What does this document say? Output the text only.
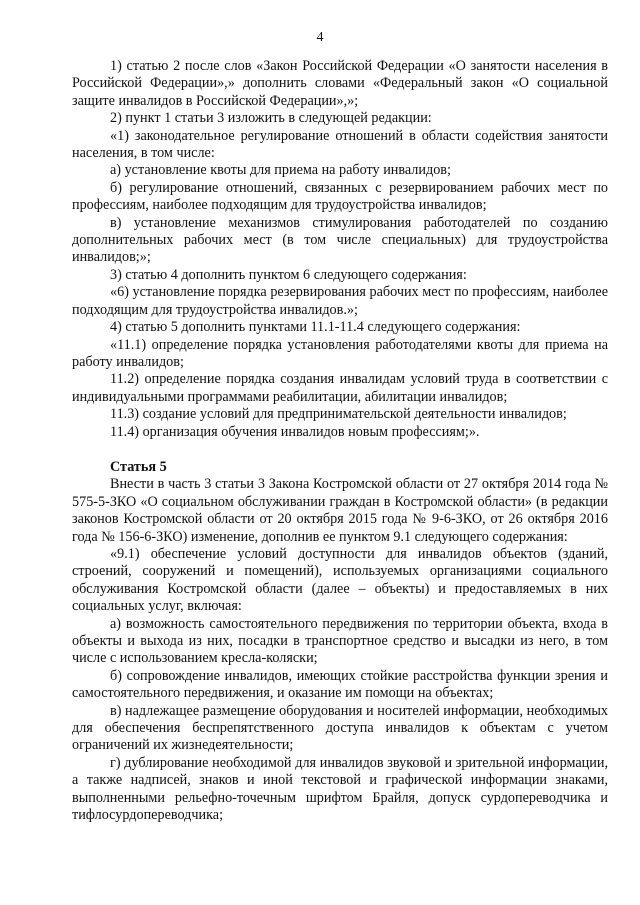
4

1) статью 2 после слов «Закон Российской Федерации «О занятости населения в Российской Федерации»,» дополнить словами «Федеральный закон «О социальной защите инвалидов в Российской Федерации»,»;

2) пункт 1 статьи 3 изложить в следующей редакции:

«1) законодательное регулирование отношений в области содействия занятости населения, в том числе:

а) установление квоты для приема на работу инвалидов;

б) регулирование отношений, связанных с резервированием рабочих мест по профессиям, наиболее подходящим для трудоустройства инвалидов;

в) установление механизмов стимулирования работодателей по созданию дополнительных рабочих мест (в том числе специальных) для трудоустройства инвалидов;»;

3) статью 4 дополнить пунктом 6 следующего содержания:

«6) установление порядка резервирования рабочих мест по профессиям, наиболее подходящим для трудоустройства инвалидов.»;

4) статью 5 дополнить пунктами 11.1-11.4 следующего содержания:

«11.1) определение порядка установления работодателями квоты для приема на работу инвалидов;

11.2) определение порядка создания инвалидам условий труда в соответствии с индивидуальными программами реабилитации, абилитации инвалидов;

11.3) создание условий для предпринимательской деятельности инвалидов;

11.4) организация обучения инвалидов новым профессиям;».

Статья 5

Внести в часть 3 статьи 3 Закона Костромской области от 27 октября 2014 года № 575-5-ЗКО «О социальном обслуживании граждан в Костромской области» (в редакции законов Костромской области от 20 октября 2015 года № 9-6-ЗКО, от 26 октября 2016 года № 156-6-ЗКО) изменение, дополнив ее пунктом 9.1 следующего содержания:

«9.1) обеспечение условий доступности для инвалидов объектов (зданий, строений, сооружений и помещений), используемых организациями социального обслуживания Костромской области (далее – объекты) и предоставляемых в них социальных услуг, включая:

а) возможность самостоятельного передвижения по территории объекта, входа в объекты и выхода из них, посадки в транспортное средство и высадки из него, в том числе с использованием кресла-коляски;

б) сопровождение инвалидов, имеющих стойкие расстройства функции зрения и самостоятельного передвижения, и оказание им помощи на объектах;

в) надлежащее размещение оборудования и носителей информации, необходимых для обеспечения беспрепятственного доступа инвалидов к объектам с учетом ограничений их жизнедеятельности;

г) дублирование необходимой для инвалидов звуковой и зрительной информации, а также надписей, знаков и иной текстовой и графической информации знаками, выполненными рельефно-точечным шрифтом Брайля, допуск сурдопереводчика и тифлосурдопереводчика;
